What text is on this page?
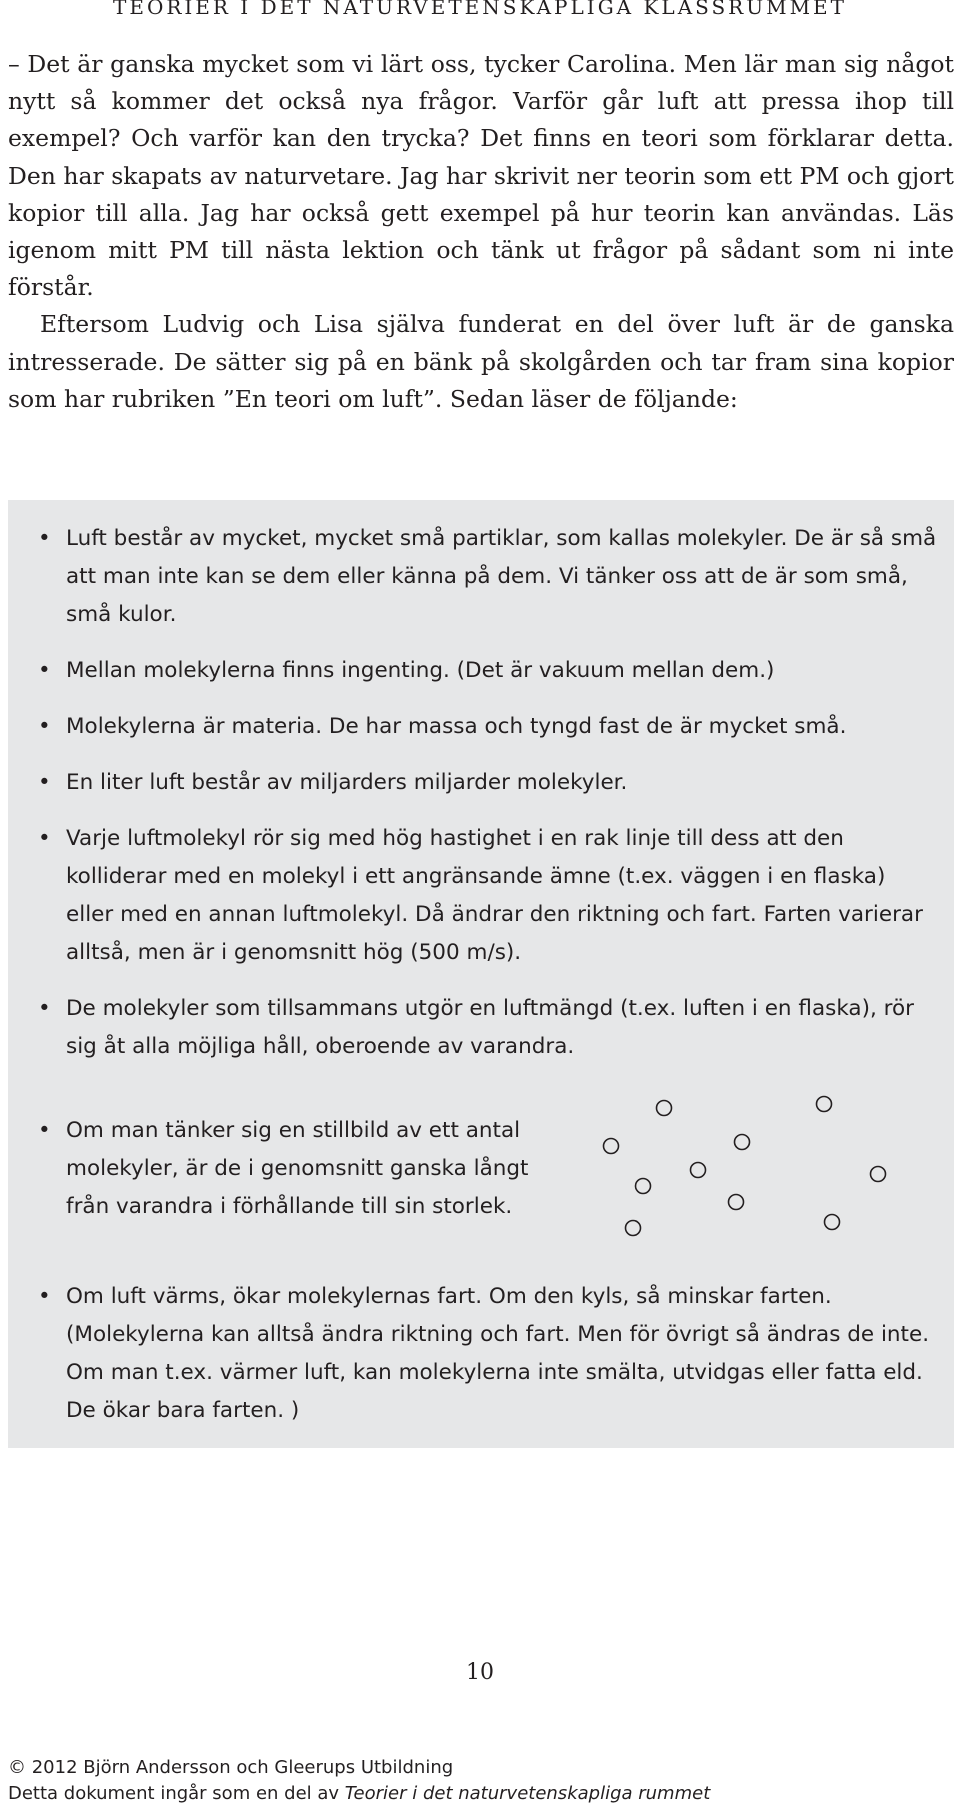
TEORIER I DET NATURVETENSKAPLIGA KLASSRUMMET

– Det är ganska mycket som vi lärt oss, tycker Carolina. Men lär man sig något nytt så kommer det också nya frågor. Varför går luft att pressa ihop till exempel? Och varför kan den trycka? Det finns en teori som förklarar detta. Den har skapats av naturvetare. Jag har skrivit ner teorin som ett PM och gjort kopior till alla. Jag har också gett exempel på hur teorin kan användas. Läs igenom mitt PM till nästa lektion och tänk ut frågor på sådant som ni inte förstår.

Eftersom Ludvig och Lisa själva funderat en del över luft är de ganska intresserade. De sätter sig på en bänk på skolgården och tar fram sina kopior som har rubriken ”En teori om luft”. Sedan läser de följande:

• Luft består av mycket, mycket små partiklar, som kallas molekyler. De är så små att man inte kan se dem eller känna på dem. Vi tänker oss att de är som små, små kulor.
• Mellan molekylerna finns ingenting. (Det är vakuum mellan dem.)
• Molekylerna är materia. De har massa och tyngd fast de är mycket små.
• En liter luft består av miljarders miljarder molekyler.
• Varje luftmolekyl rör sig med hög hastighet i en rak linje till dess att den kolliderar med en molekyl i ett angränsande ämne (t.ex. väggen i en flaska) eller med en annan luftmolekyl. Då ändrar den riktning och fart. Farten varierar alltså, men är i genomsnitt hög (500 m/s).
• De molekyler som tillsammans utgör en luftmängd (t.ex. luften i en flaska), rör sig åt alla möjliga håll, oberoende av varandra.
• Om man tänker sig en stillbild av ett antal molekyler, är de i genomsnitt ganska långt från varandra i förhållande till sin storlek.
• Om luft värms, ökar molekylernas fart. Om den kyls, så minskar farten. (Molekylerna kan alltså ändra riktning och fart. Men för övrigt så ändras de inte. Om man t.ex. värmer luft, kan molekylerna inte smälta, utvidgas eller fatta eld. De ökar bara farten. )
10
© 2012 Björn Andersson och Gleerups Utbildning
Detta dokument ingår som en del av Teorier i det naturvetenskapliga rummet
